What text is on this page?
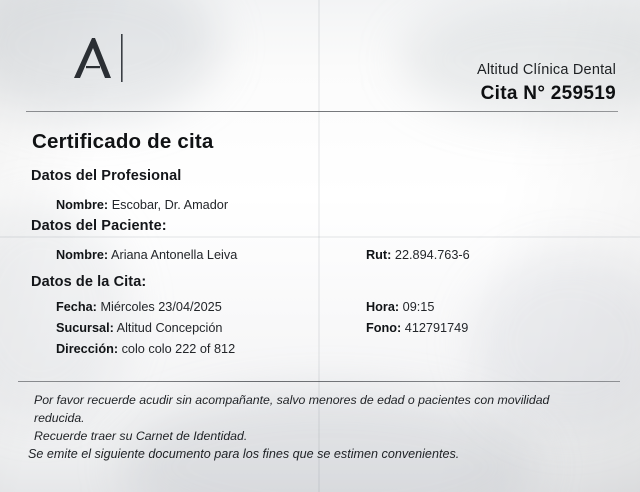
Altitud Clínica Dental
Cita N° 259519
Certificado de cita
Datos del Profesional
Nombre: Escobar, Dr. Amador
Datos del Paciente:
Nombre: Ariana Antonella Leiva	Rut: 22.894.763-6
Datos de la Cita:
Fecha: Miércoles 23/04/2025	Hora: 09:15
Sucursal: Altitud Concepción	Fono: 412791749
Dirección: colo colo 222 of 812
Por favor recuerde acudir sin acompañante, salvo menores de edad o pacientes con movilidad
reducida.
Recuerde traer su Carnet de Identidad.
Se emite el siguiente documento para los fines que se estimen convenientes.
